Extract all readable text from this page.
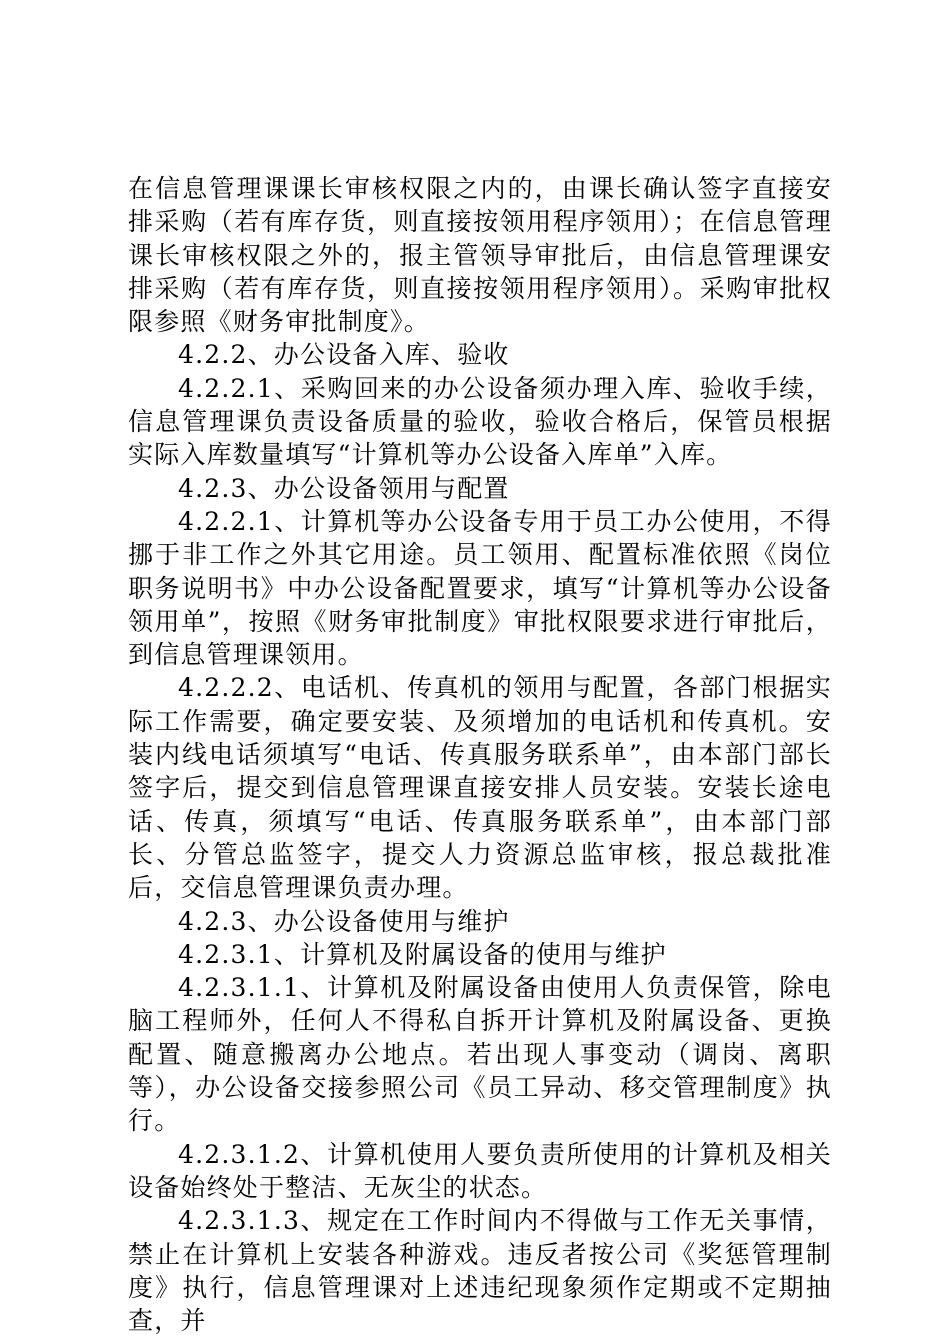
在信息管理课课长审核权限之内的，由课长确认签字直接安排采购（若有库存货，则直接按领用程序领用）；在信息管理课长审核权限之外的，报主管领导审批后，由信息管理课安排采购（若有库存货，则直接按领用程序领用）。采购审批权限参照《财务审批制度》。

4.2.2、办公设备入库、验收

4.2.2.1、采购回来的办公设备须办理入库、验收手续，信息管理课负责设备质量的验收，验收合格后，保管员根据实际入库数量填写“计算机等办公设备入库单”入库。

4.2.3、办公设备领用与配置

4.2.2.1、计算机等办公设备专用于员工办公使用，不得挪于非工作之外其它用途。员工领用、配置标准依照《岗位职务说明书》中办公设备配置要求，填写“计算机等办公设备领用单”，按照《财务审批制度》审批权限要求进行审批后，到信息管理课领用。

4.2.2.2、电话机、传真机的领用与配置，各部门根据实际工作需要，确定要安装、及须增加的电话机和传真机。安装内线电话须填写“电话、传真服务联系单”，由本部门部长签字后，提交到信息管理课直接安排人员安装。安装长途电话、传真，须填写“电话、传真服务联系单”，由本部门部长、分管总监签字，提交人力资源总监审核，报总裁批准后，交信息管理课负责办理。

4.2.3、办公设备使用与维护

4.2.3.1、计算机及附属设备的使用与维护

4.2.3.1.1、计算机及附属设备由使用人负责保管，除电脑工程师外，任何人不得私自拆开计算机及附属设备、更换配置、随意搬离办公地点。若出现人事变动（调岗、离职等），办公设备交接参照公司《员工异动、移交管理制度》执行。

4.2.3.1.2、计算机使用人要负责所使用的计算机及相关设备始终处于整洁、无灰尘的状态。

4.2.3.1.3、规定在工作时间内不得做与工作无关事情，禁止在计算机上安装各种游戏。违反者按公司《奖惩管理制度》执行，信息管理课对上述违纪现象须作定期或不定期抽查，并
